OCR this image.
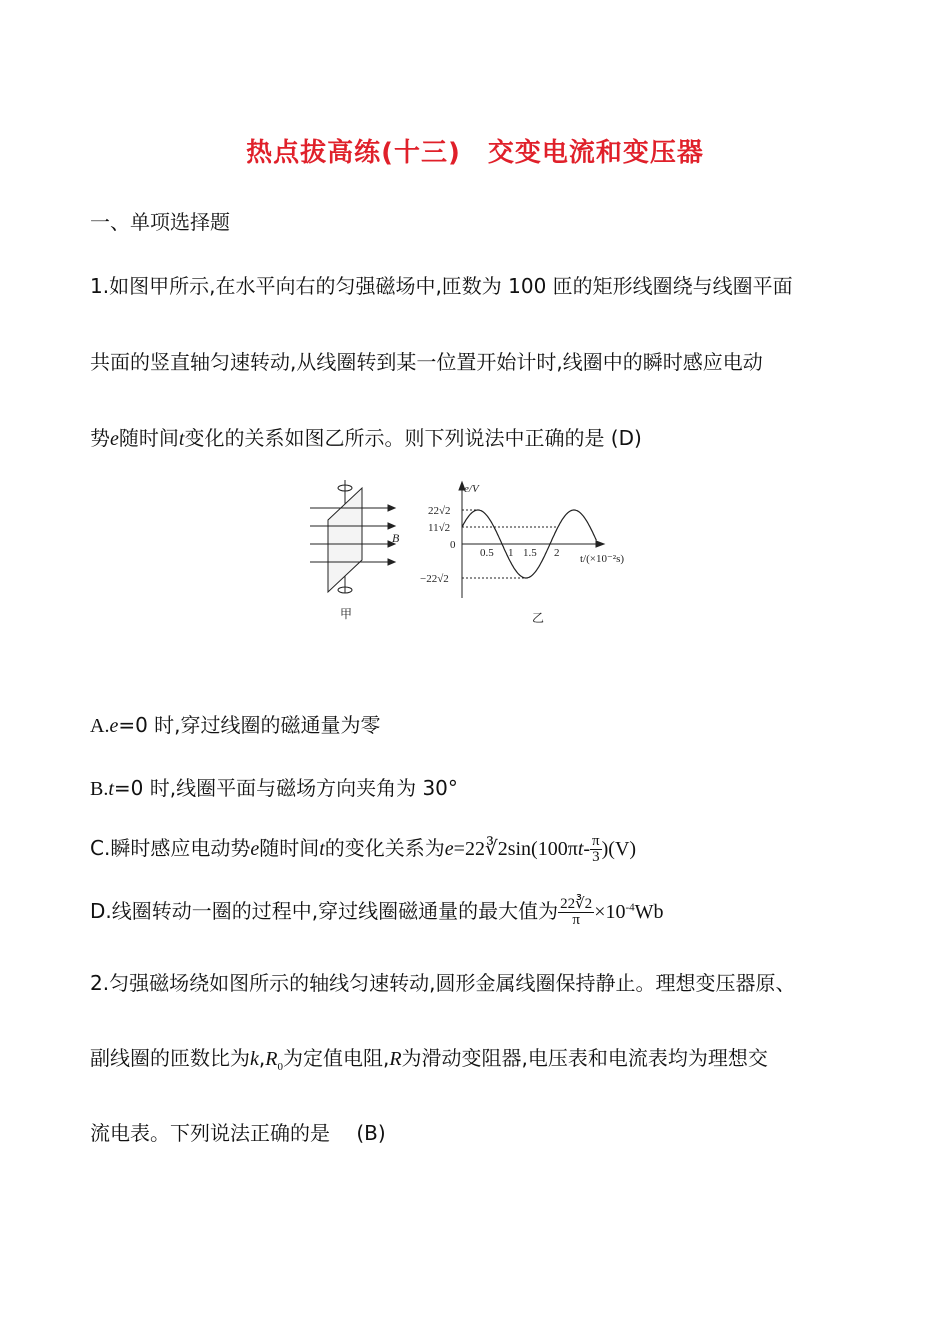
热点拔高练(十三)　交变电流和变压器
一、单项选择题
1.如图甲所示,在水平向右的匀强磁场中,匝数为 100 匝的矩形线圈绕与线圈平面
共面的竖直轴匀速转动,从线圈转到某一位置开始计时,线圈中的瞬时感应电动
势e随时间t变化的关系如图乙所示。则下列说法中正确的是 (D)
B
甲
e/V
22√2
11√2
0
−22√2
0.5 1 1.5 2 t/(×10⁻²s)
乙
A.e=0 时,穿过线圈的磁通量为零
B.t=0 时,线圈平面与磁场方向夹角为 30°
C.瞬时感应电动势e随时间t的变化关系为e=22∛2sin(100πt- $\frac{\pi}{3} )(V)$
D.线圈转动一圈的过程中,穿过线圈磁通量的最大值为 $\frac{22∛2}{\pi} \times 10^{-4}Wb$
2.匀强磁场绕如图所示的轴线匀速转动,圆形金属线圈保持静止。理想变压器原、
副线圈的匝数比为$k,R_0$为定值电阻,R为滑动变阻器,电压表和电流表均为理想交
流电表。下列说法正确的是　 (B)
